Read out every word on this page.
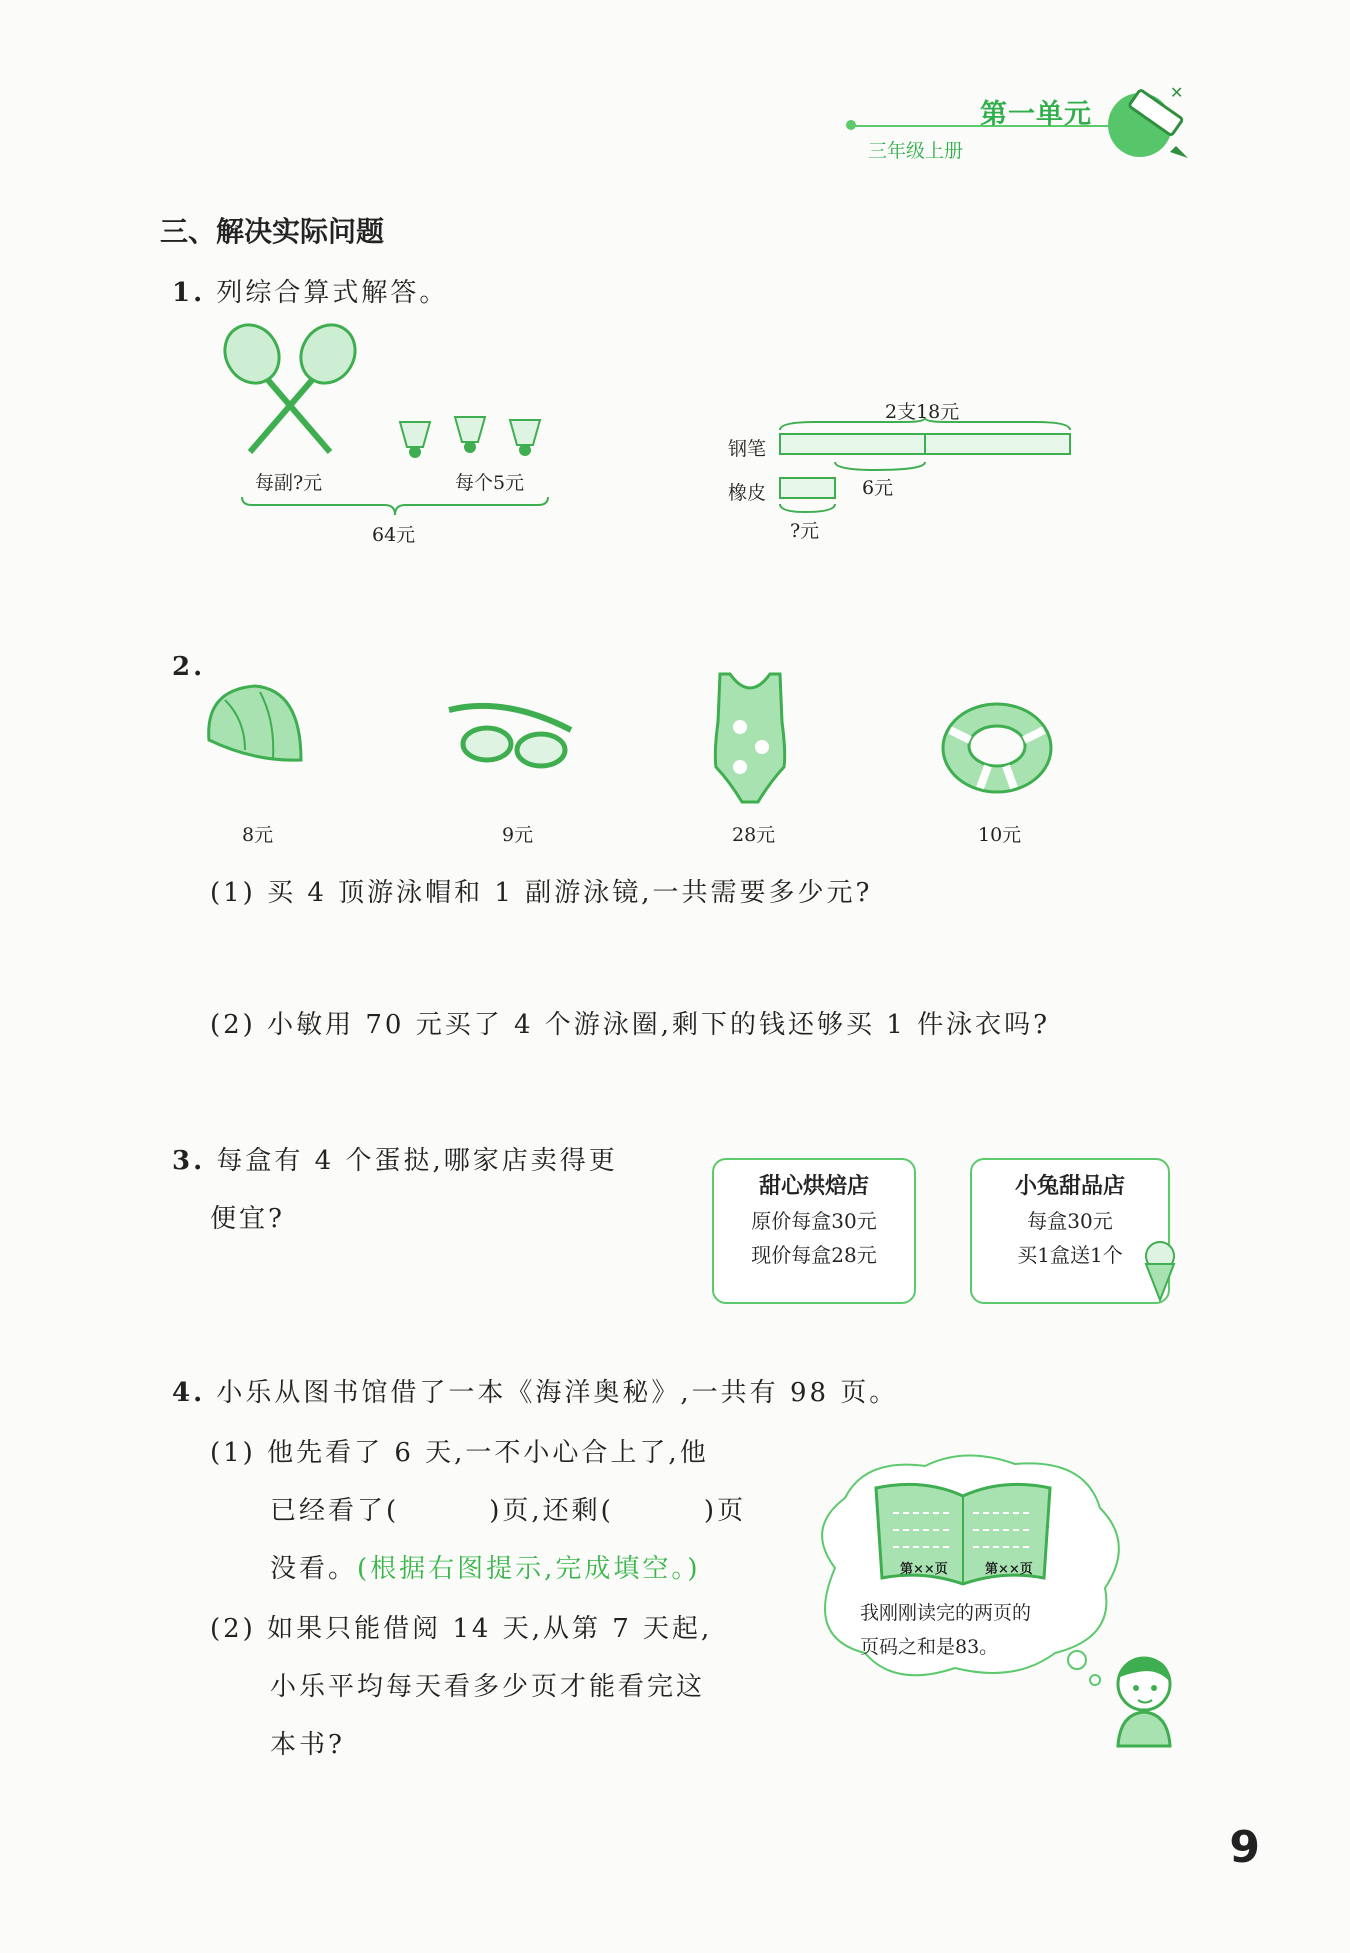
第一单元
三年级上册
✕
三、解决实际问题
1. 列综合算式解答。
每副?元	每个5元
64元
2支18元
钢笔
橡皮	6元
?元
2.
8元	9元	28元	10元
(1) 买 4 顶游泳帽和 1 副游泳镜,一共需要多少元?
(2) 小敏用 70 元买了 4 个游泳圈,剩下的钱还够买 1 件泳衣吗?
3. 每盒有 4 个蛋挞,哪家店卖得更
便宜?
甜心烘焙店
原价每盒30元
现价每盒28元
小兔甜品店
每盒30元
买1盒送1个
4. 小乐从图书馆借了一本《海洋奥秘》,一共有 98 页。
(1) 他先看了 6 天,一不小心合上了,他
已经看了(        )页,还剩(        )页
没看。(根据右图提示,完成填空。)
(2) 如果只能借阅 14 天,从第 7 天起,
小乐平均每天看多少页才能看完这
本书?
第××页	第××页
我刚刚读完的两页的
页码之和是83。
9
